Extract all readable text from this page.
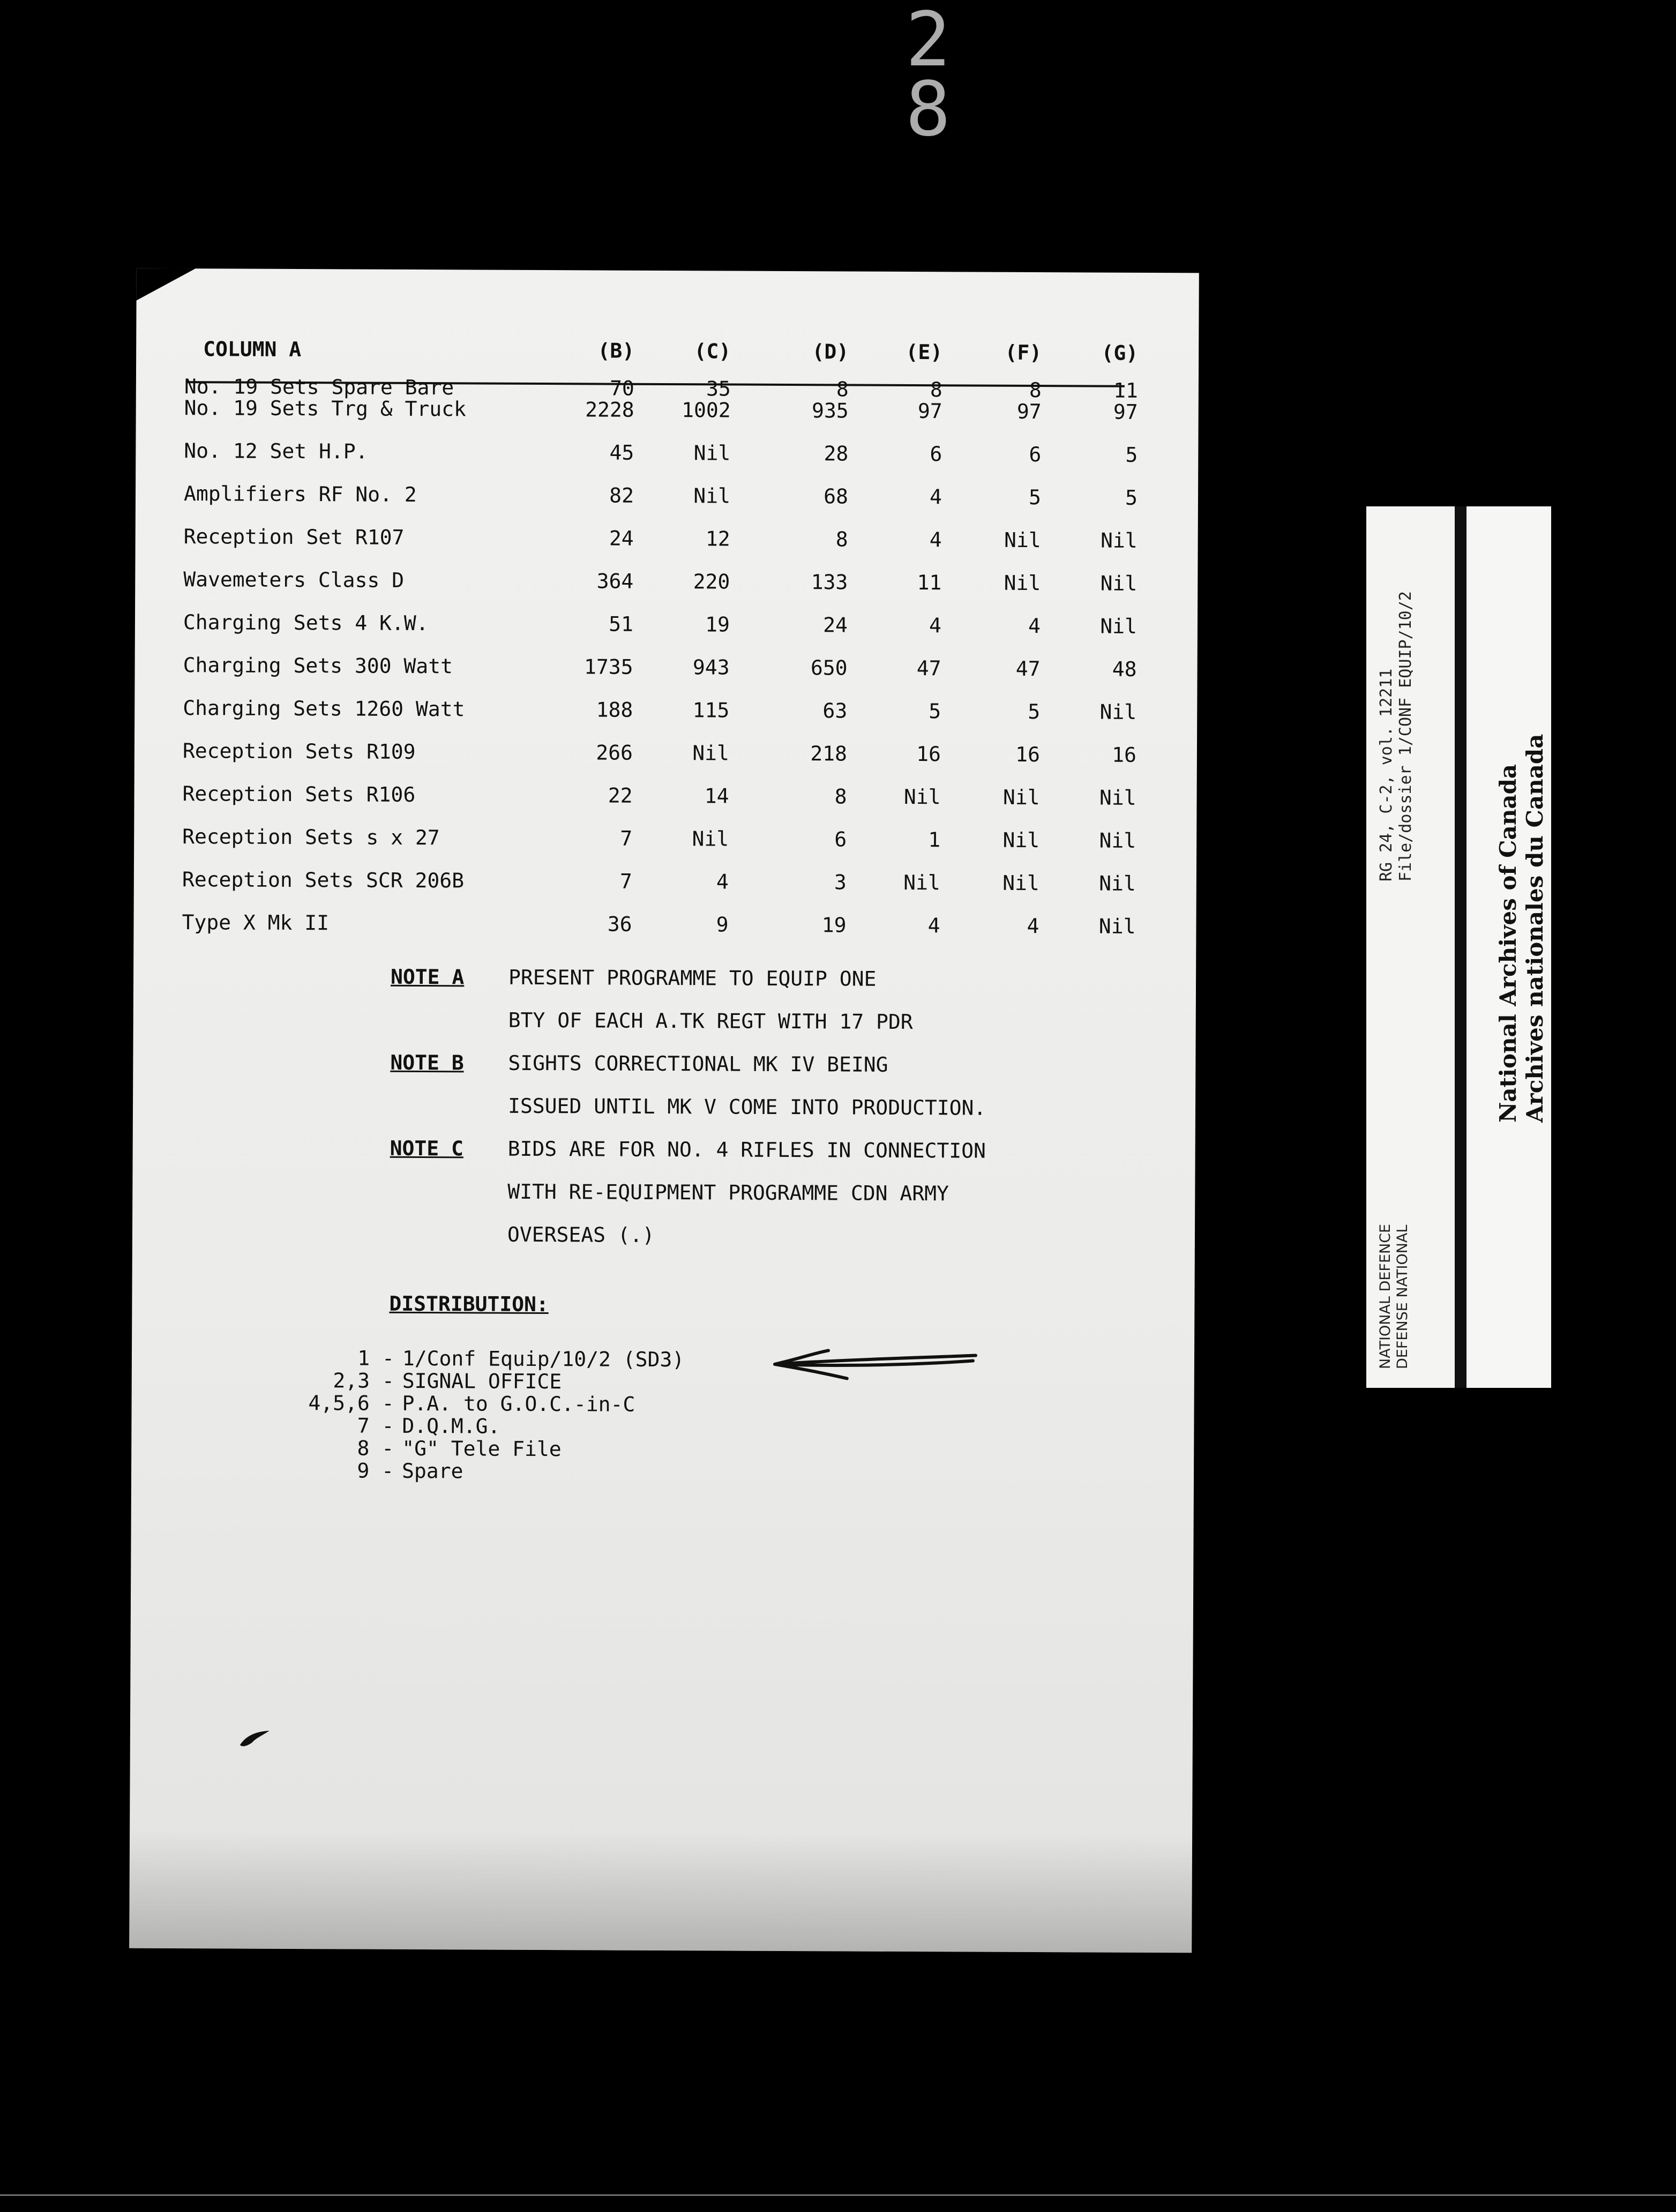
2 8
COLUMN A	(B)	(C)	(D)	(E)	(F)	(G)
No. 19 Sets Spare Bare	70	35	8	8	8	11
No. 19 Sets Trg & Truck	2228	1002	935	97	97	97
No. 12 Set H.P.	45	Nil	28	6	6	5
Amplifiers RF No. 2	82	Nil	68	4	5	5
Reception Set R107	24	12	8	4	Nil	Nil
Wavemeters Class D	364	220	133	11	Nil	Nil
Charging Sets 4 K.W.	51	19	24	4	4	Nil
Charging Sets 300 Watt	1735	943	650	47	47	48
Charging Sets 1260 Watt	188	115	63	5	5	Nil
Reception Sets R109	266	Nil	218	16	16	16
Reception Sets R106	22	14	8	Nil	Nil	Nil
Reception Sets s x 27	7	Nil	6	1	Nil	Nil
Reception Sets SCR 206B	7	4	3	Nil	Nil	Nil
Type X Mk II	36	9	19	4	4	Nil
NOTE A PRESENT PROGRAMME TO EQUIP ONE
BTY OF EACH A.TK REGT WITH 17 PDR
NOTE B SIGHTS CORRECTIONAL MK IV BEING
ISSUED UNTIL MK V COME INTO PRODUCTION.
NOTE C BIDS ARE FOR NO. 4 RIFLES IN CONNECTION
WITH RE-EQUIPMENT PROGRAMME CDN ARMY
OVERSEAS (.)
DISTRIBUTION:
1 - 1/Conf Equip/10/2 (SD3)
2,3 - SIGNAL OFFICE
4,5,6 - P.A. to G.O.C.-in-C
7 - D.Q.M.G.
8 - "G" Tele File
9 - Spare
RG 24, C-2, vol. 12211 File/dossier 1/CONF EQUIP/10/2
NATIONAL DEFENCE DEFENSE NATIONAL
National Archives of Canada Archives nationales du Canada
